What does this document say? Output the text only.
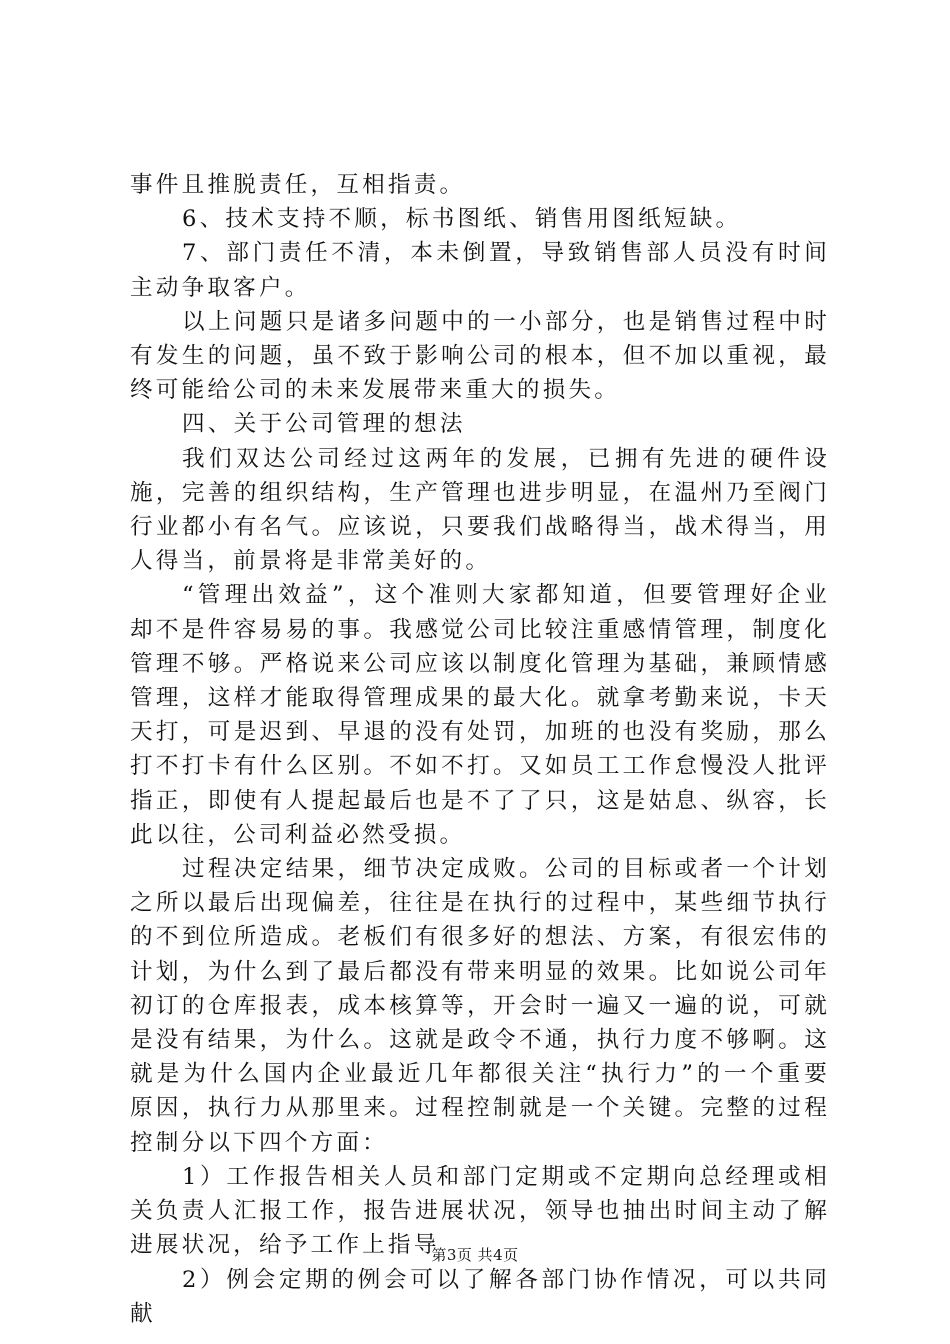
事件且推脱责任，互相指责。

6、技术支持不顺，标书图纸、销售用图纸短缺。

7、部门责任不清，本未倒置，导致销售部人员没有时间主动争取客户。

以上问题只是诸多问题中的一小部分，也是销售过程中时有发生的问题，虽不致于影响公司的根本，但不加以重视，最终可能给公司的未来发展带来重大的损失。

四、关于公司管理的想法

我们双达公司经过这两年的发展，已拥有先进的硬件设施，完善的组织结构，生产管理也进步明显，在温州乃至阀门行业都小有名气。应该说，只要我们战略得当，战术得当，用人得当，前景将是非常美好的。

“管理出效益”，这个准则大家都知道，但要管理好企业却不是件容易易的事。我感觉公司比较注重感情管理，制度化管理不够。严格说来公司应该以制度化管理为基础，兼顾情感管理，这样才能取得管理成果的最大化。就拿考勤来说，卡天天打，可是迟到、早退的没有处罚，加班的也没有奖励，那么打不打卡有什么区别。不如不打。又如员工工作怠慢没人批评指正，即使有人提起最后也是不了了只，这是姑息、纵容，长此以往，公司利益必然受损。

过程决定结果，细节决定成败。公司的目标或者一个计划之所以最后出现偏差，往往是在执行的过程中，某些细节执行的不到位所造成。老板们有很多好的想法、方案，有很宏伟的计划，为什么到了最后都没有带来明显的效果。比如说公司年初订的仓库报表，成本核算等，开会时一遍又一遍的说，可就是没有结果，为什么。这就是政令不通，执行力度不够啊。这就是为什么国内企业最近几年都很关注“执行力”的一个重要原因，执行力从那里来。过程控制就是一个关键。完整的过程控制分以下四个方面：

1）工作报告相关人员和部门定期或不定期向总经理或相关负责人汇报工作，报告进展状况，领导也抽出时间主动了解进展状况，给予工作上指导

2）例会定期的例会可以了解各部门协作情况，可以共同献

第3页 共4页
